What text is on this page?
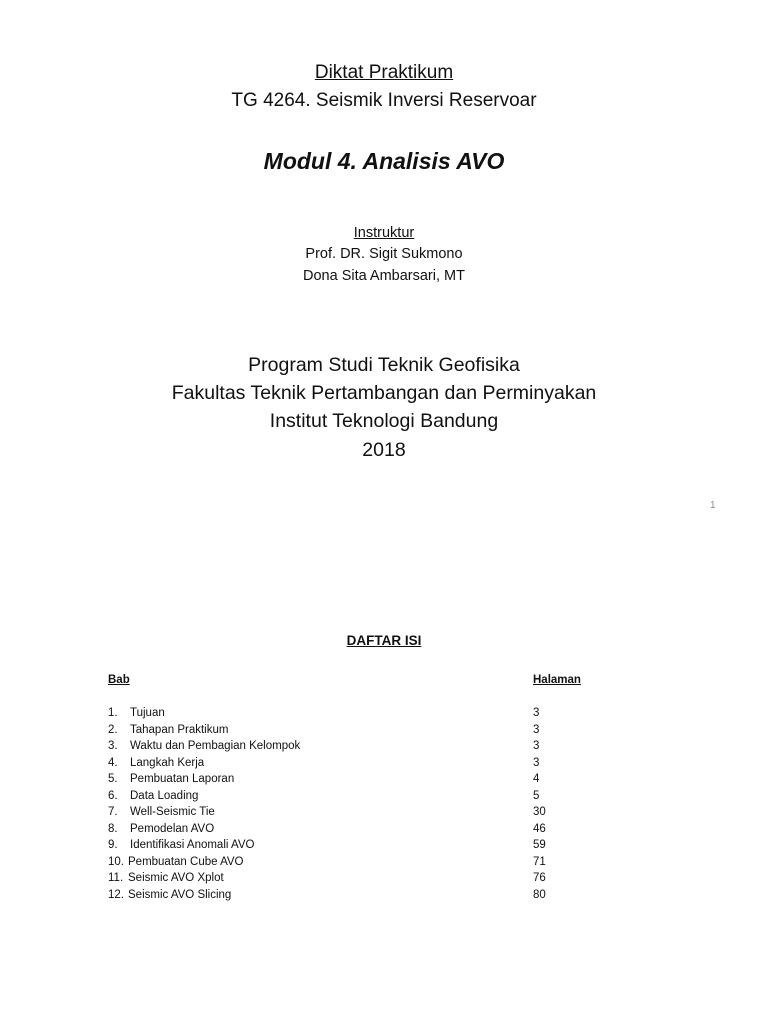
Diktat Praktikum
TG 4264. Seismik Inversi Reservoar
Modul 4. Analisis AVO
Instruktur
Prof. DR. Sigit Sukmono
Dona Sita Ambarsari, MT
Program Studi Teknik Geofisika
Fakultas Teknik Pertambangan dan Perminyakan
Institut Teknologi Bandung
2018
1
DAFTAR ISI
Bab	Halaman
1. Tujuan	3
2. Tahapan Praktikum	3
3. Waktu dan Pembagian Kelompok	3
4. Langkah Kerja	3
5. Pembuatan Laporan	4
6. Data Loading	5
7. Well-Seismic Tie	30
8. Pemodelan AVO	46
9. Identifikasi Anomali AVO	59
10. Pembuatan Cube AVO	71
11. Seismic AVO Xplot	76
12. Seismic AVO Slicing	80
